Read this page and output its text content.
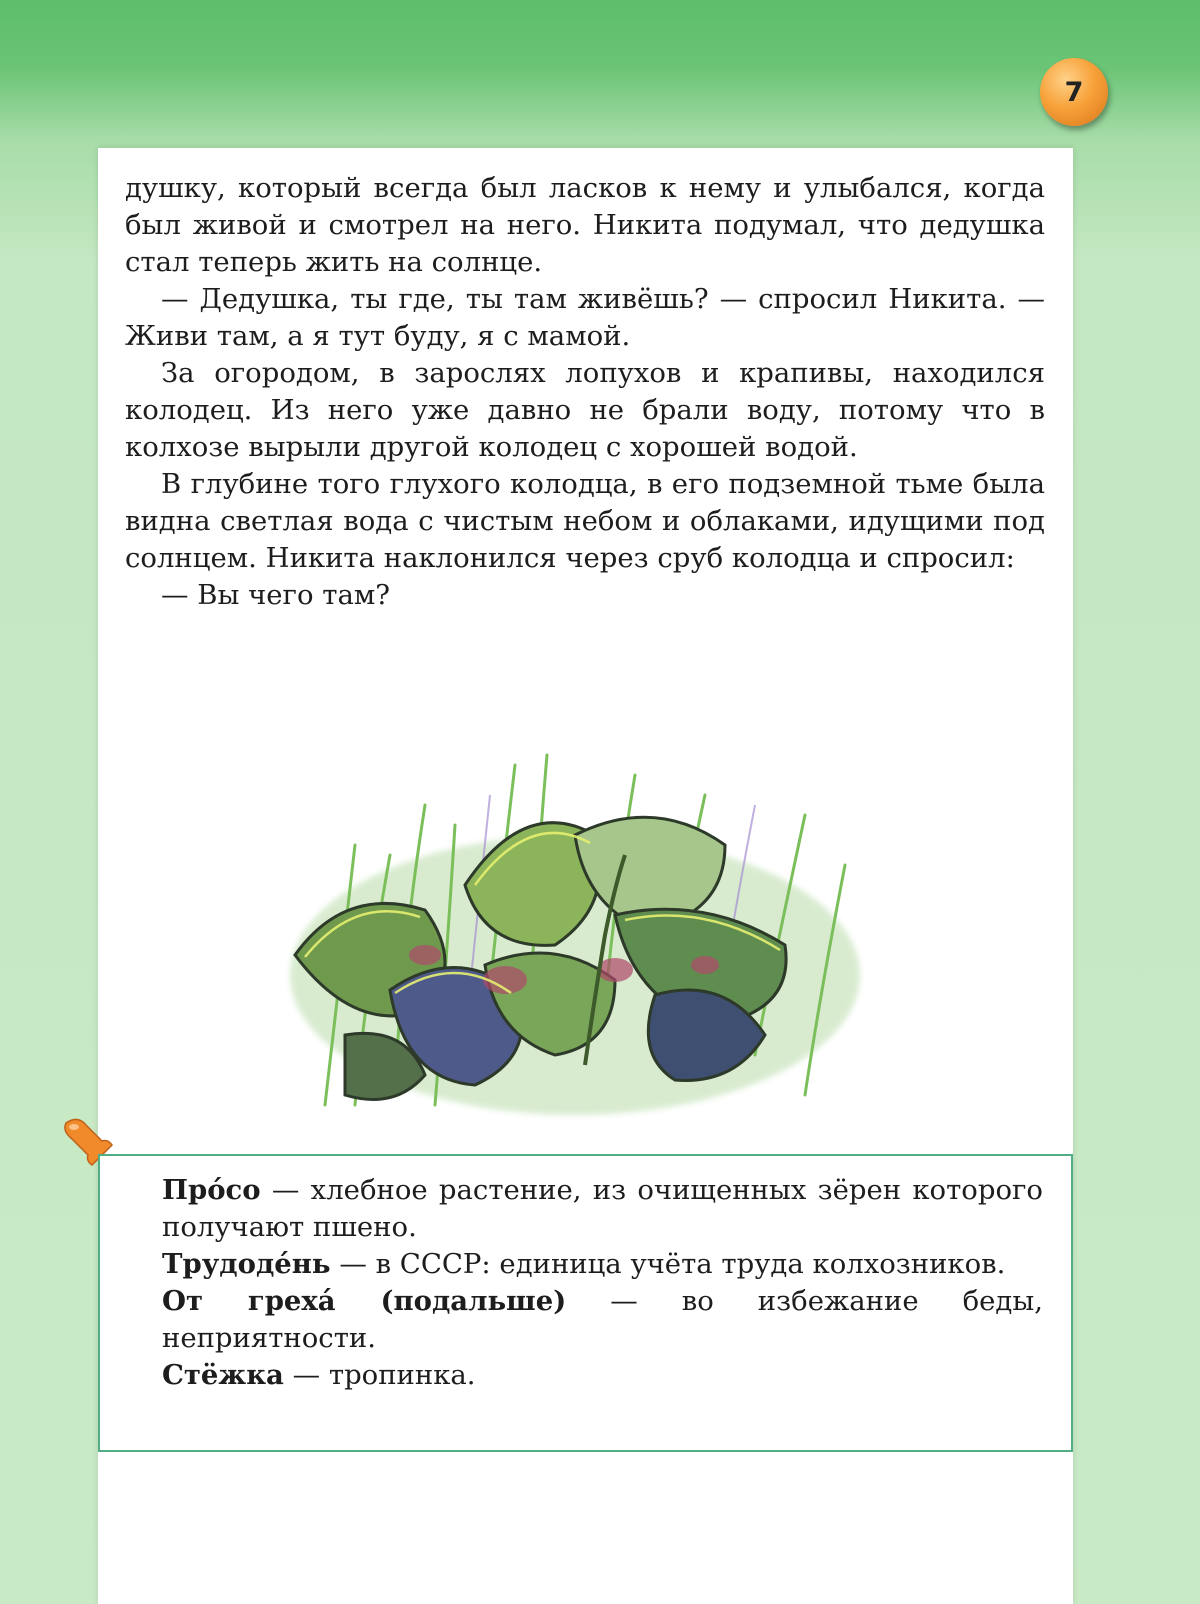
7

душку, который всегда был ласков к нему и улыбался, когда был живой и смотрел на него. Никита подумал, что дедушка стал теперь жить на солнце.

— Дедушка, ты где, ты там живёшь? — спросил Никита. — Живи там, а я тут буду, я с мамой.

За огородом, в зарослях лопухов и крапивы, находился колодец. Из него уже давно не брали воду, потому что в колхозе вырыли другой колодец с хорошей водой.

В глубине того глухого колодца, в его подземной тьме была видна светлая вода с чистым небом и облаками, идущими под солнцем. Никита наклонился через сруб колодца и спросил:

— Вы чего там?

Про́со — хлебное растение, из очищенных зёрен которого получают пшено.

Трудоде́нь — в СССР: единица учёта труда колхозников.

От греха́ (подальше) — во избежание беды, неприятности.

Стёжка — тропинка.
